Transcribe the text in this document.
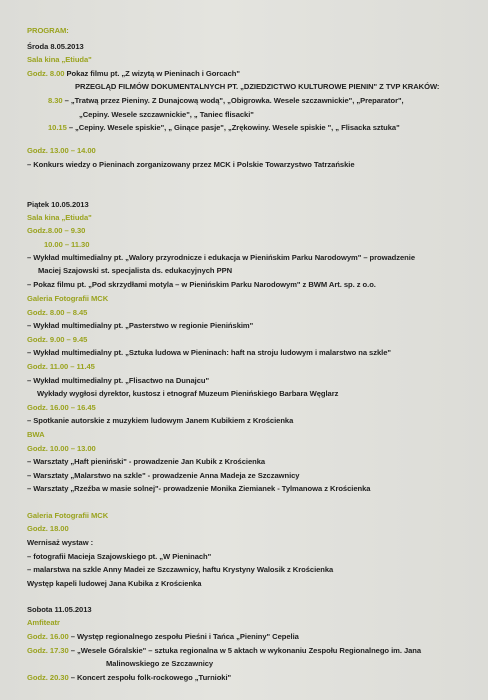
PROGRAM:
Środa 8.05.2013
Sala kina „Etiuda"
Godz. 8.00 Pokaz filmu pt. „Z wizytą w Pieninach i Gorcach"
PRZEGLĄD FILMÓW DOKUMENTALNYCH PT. „DZIEDZICTWO KULTUROWE PIENIN" Z TVP KRAKÓW:
8.30 – „Tratwą przez Pieniny. Z Dunajcową wodą", „Obigrowka. Wesele szczawnickie", „Preparator",
„Cepiny. Wesele szczawnickie", „ Taniec flisacki"
10.15 – „Cepiny. Wesele spiskie", „ Ginące pasje", „Zrękowiny. Wesele spiskie ", „ Flisacka sztuka"
Godz. 13.00 – 14.00
– Konkurs wiedzy o Pieninach zorganizowany przez MCK i Polskie Towarzystwo Tatrzańskie
Piątek 10.05.2013
Sala kina „Etiuda"
Godz.8.00 – 9.30
10.00 – 11.30
– Wykład multimedialny pt. „Walory przyrodnicze i edukacja w Pienińskim Parku Narodowym" – prowadzenie
Maciej Szajowski st. specjalista ds. edukacyjnych PPN
– Pokaz filmu pt. „Pod skrzydłami motyla – w Pienińskim Parku Narodowym" z BWM Art. sp. z o.o.
Galeria Fotografii MCK
Godz. 8.00 – 8.45
– Wykład multimedialny pt. „Pasterstwo w regionie Pienińskim"
Godz. 9.00 – 9.45
– Wykład multimedialny pt. „Sztuka ludowa w Pieninach: haft na stroju ludowym i malarstwo na szkle"
Godz. 11.00 – 11.45
– Wykład multimedialny pt. „Flisactwo na Dunajcu"
Wykłady wygłosi dyrektor, kustosz i etnograf Muzeum Pienińskiego Barbara Węglarz
Godz. 16.00 – 16.45
– Spotkanie autorskie z muzykiem ludowym Janem Kubikiem z Krościenka
BWA
Godz. 10.00 – 13.00
– Warsztaty „Haft pieniński" - prowadzenie Jan Kubik z Krościenka
– Warsztaty „Malarstwo na szkle" - prowadzenie Anna Madeja ze Szczawnicy
– Warsztaty „Rzeźba w masie solnej"- prowadzenie Monika Ziemianek - Tylmanowa z Krościenka
Galeria Fotografii MCK
Godz. 18.00
Wernisaż wystaw :
– fotografii Macieja Szajowskiego pt. „W Pieninach"
– malarstwa na szkle Anny Madei ze Szczawnicy, haftu Krystyny Walosik z Krościenka
Występ kapeli ludowej Jana Kubika z Krościenka
Sobota 11.05.2013
Amfiteatr
Godz. 16.00 – Występ regionalnego zespołu Pieśni i Tańca „Pieniny" Cepelia
Godz. 17.30 – „Wesele Góralskie" – sztuka regionalna w 5 aktach w wykonaniu Zespołu Regionalnego im. Jana
Malinowskiego ze Szczawnicy
Godz. 20.30 – Koncert zespołu folk-rockowego „Turnioki"
